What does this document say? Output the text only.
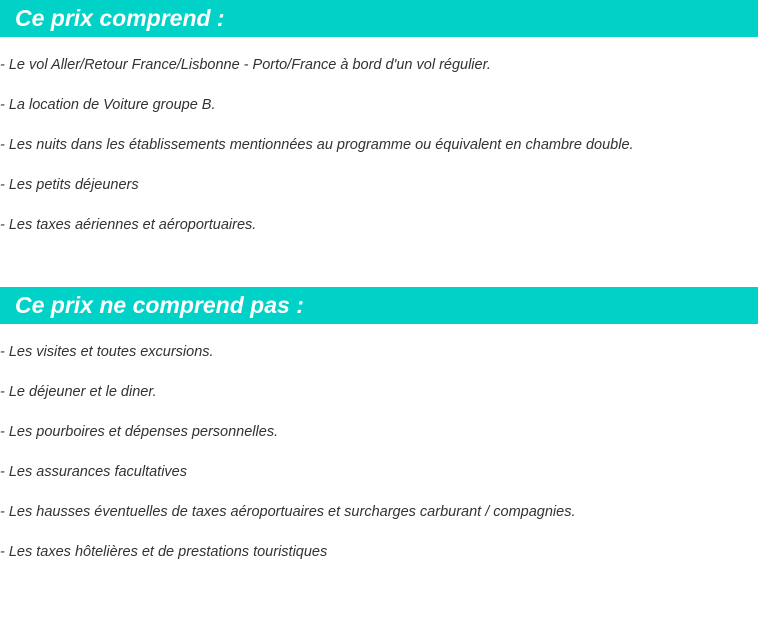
Ce prix comprend :

- Le vol Aller/Retour France/Lisbonne - Porto/France à bord d'un vol régulier.

- La location de Voiture groupe B.

- Les nuits dans les établissements mentionnées au programme ou équivalent en chambre double.

- Les petits déjeuners

- Les taxes aériennes et aéroportuaires.

Ce prix ne comprend pas :

- Les visites et toutes excursions.

- Le déjeuner et le diner.

- Les pourboires et dépenses personnelles.

- Les assurances facultatives

- Les hausses éventuelles de taxes aéroportuaires et surcharges carburant / compagnies.

- Les taxes hôtelières et de prestations touristiques
